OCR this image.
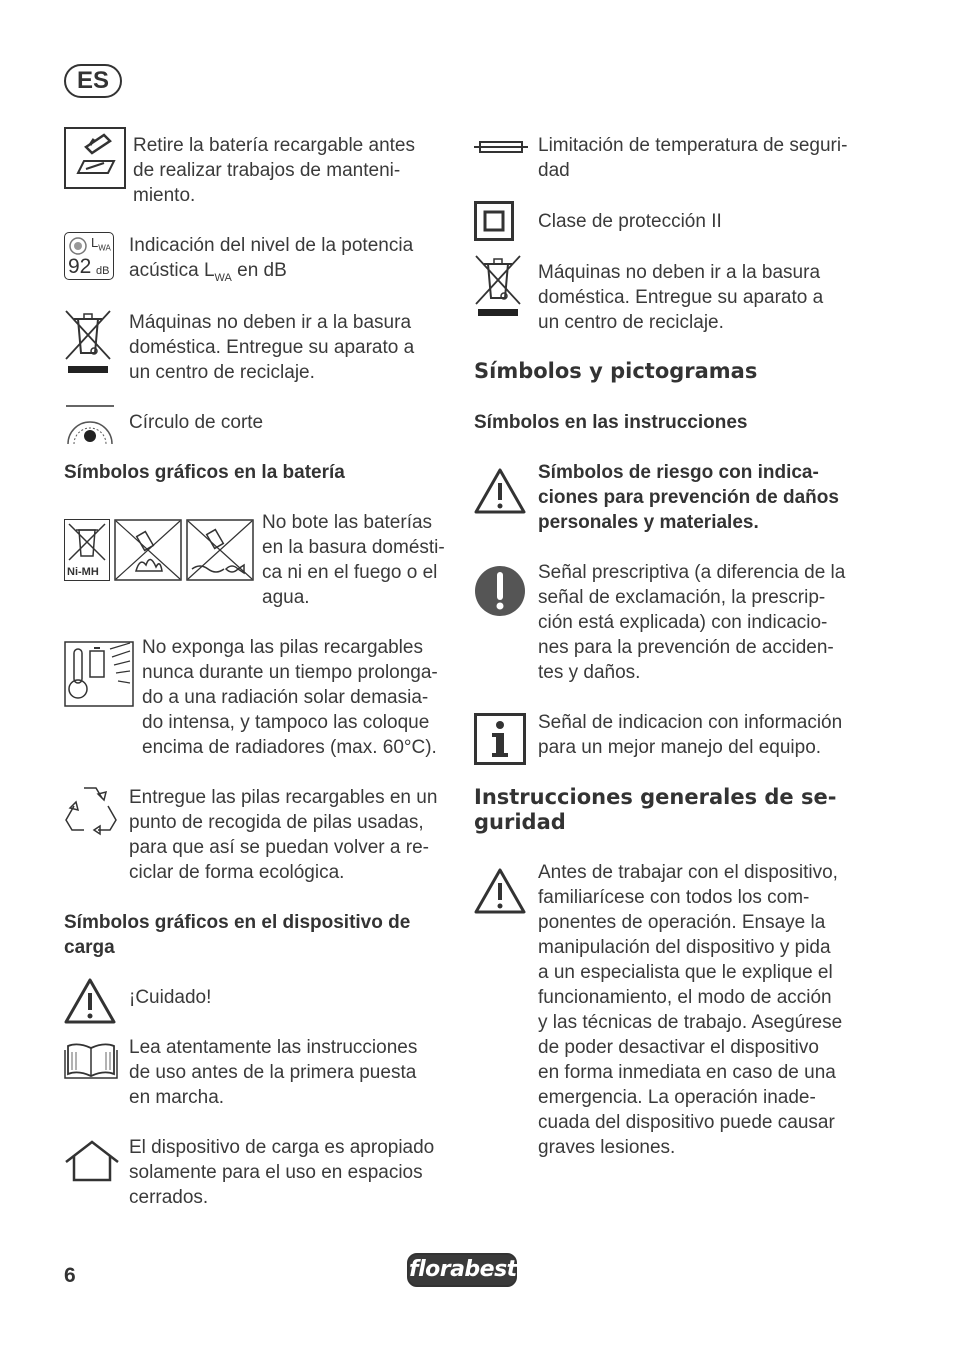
ES
Retire la batería recargable antes
de realizar trabajos de manteni-
miento.
$L_{WA}$
92 dB
Indicación del nivel de la potencia
acústica $L_{WA}$ en dB
Máquinas no deben ir a la basura
doméstica. Entregue su aparato a
un centro de reciclaje.
Círculo de corte
Símbolos gráficos en la batería
Ni-MH
No bote las baterías
en la basura domésti-
ca ni en el fuego o el
agua.
No exponga las pilas recargables
nunca durante un tiempo prolonga-
do a una radiación solar demasia-
do intensa, y tampoco las coloque
encima de radiadores (max. 60°C).
Entregue las pilas recargables en un
punto de recogida de pilas usadas,
para que así se puedan volver a re-
ciclar de forma ecológica.
Símbolos gráficos en el dispositivo de
carga
¡Cuidado!
Lea atentamente las instrucciones
de uso antes de la primera puesta
en marcha.
El dispositivo de carga es apropiado
solamente para el uso en espacios
cerrados.
Limitación de temperatura de seguri-
dad
Clase de protección II
Máquinas no deben ir a la basura
doméstica. Entregue su aparato a
un centro de reciclaje.
Símbolos y pictogramas
Símbolos en las instrucciones
Símbolos de riesgo con indica-
ciones para prevención de daños
personales y materiales.
Señal prescriptiva (a diferencia de la
señal de exclamación, la prescrip-
ción está explicada) con indicacio-
nes para la prevención de acciden-
tes y daños.
Señal de indicacion con información
para un mejor manejo del equipo.
Instrucciones generales de se-
guridad
Antes de trabajar con el dispositivo,
familiarícese con todos los com-
ponentes de operación. Ensaye la
manipulación del dispositivo y pida
a un especialista que le explique el
funcionamiento, el modo de acción
y las técnicas de trabajo. Asegúrese
de poder desactivar el dispositivo
en forma inmediata en caso de una
emergencia. La operación inade-
cuada del dispositivo puede causar
graves lesiones.
6	florabest
